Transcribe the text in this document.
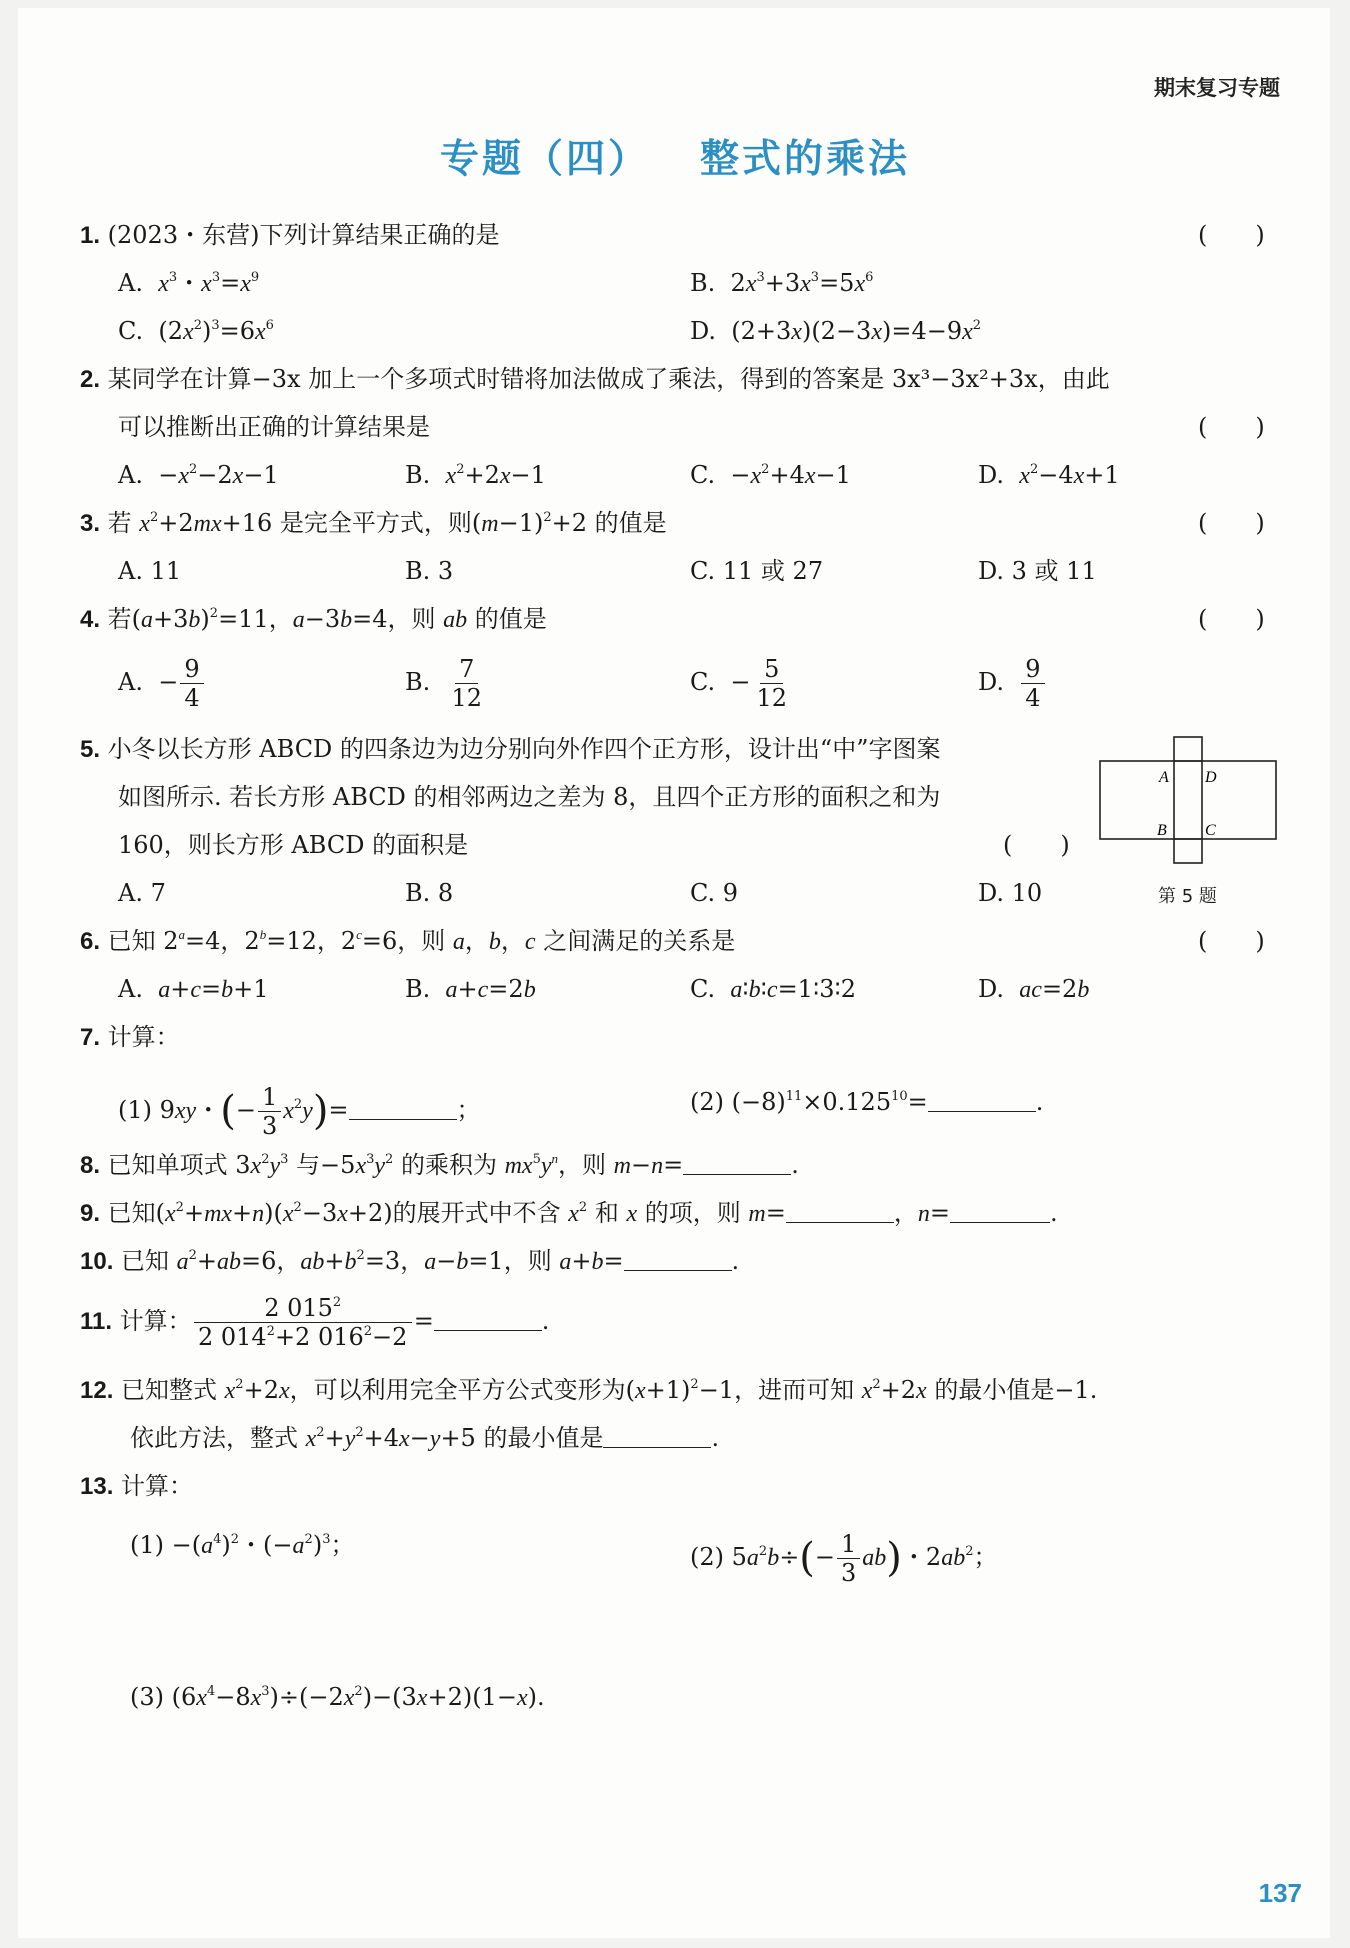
期末复习专题
专题（四） 整式的乘法
1. (2023・东营)下列计算结果正确的是	(　　)
A.  $x^3$・$x^3=x^9$	B.  $2x^3+3x^3=5x^6$
C.  $(2x^2)^3=6x^6$	D.  $(2+3x)(2-3x)=4-9x^2$
2. 某同学在计算−3x 加上一个多项式时错将加法做成了乘法，得到的答案是 3x³−3x²+3x，由此
可以推断出正确的计算结果是	(　　)
A.  $-x^2-2x-1$	B.  $x^2+2x-1$	C.  $-x^2+4x-1$	D.  $x^2-4x+1$
3. 若 $x^2+2mx+16$ 是完全平方式，则$(m-1)^2+2$ 的值是	(　　)
A. 11	B. 3	C. 11 或 27	D. 3 或 11
4. 若$(a+3b)^2=11$，a−3b=4，则 ab 的值是	(　　)
A.  − $\frac{9}{4}$	B. $\frac{7}{12}$	C.  − $\frac{5}{12}$	D. $\frac{9}{4}$
5. 小冬以长方形 ABCD 的四条边为边分别向外作四个正方形，设计出“中”字图案
如图所示. 若长方形 ABCD 的相邻两边之差为 8，且四个正方形的面积之和为
160，则长方形 ABCD 的面积是	(　　)
A. 7	B. 8	C. 9	D. 10
A D
B C
第 5 题
6. 已知 $2^a=4$，$2^b=12$，$2^c=6$，则 a，b，c 之间满足的关系是	(　　)
A.  a+c=b+1	B.  a+c=2b	C.  a∶b∶c=1∶3∶2	D.  ac=2b
7. 计算：
(1) 9xy・(− $\frac{1}{3} x^2y)=$	；	(2) $(-8)^{11}\times 0.125^{10}=$	.
8. 已知单项式 $3x^2y^3$ 与$-5x^3y^2$ 的乘积为 $mx^5y^n$，则 m−n=	.
9. 已知$(x^2+mx+n)(x^2-3x+2)$的展开式中不含 $x^2$ 和 x 的项，则 m=	，n=	.
10. 已知 $a^2+ab=6$，$ab+b^2=3$，a−b=1，则 a+b=	.
11. 计算： $\frac{2 015^2}{2 014^2+2 016^2-2}$ =	.
12. 已知整式 $x^2+2x$，可以利用完全平方公式变形为$(x+1)^2-1$，进而可知 $x^2+2x$ 的最小值是−1.
依此方法，整式 $x^2+y^2+4x-y+5$ 的最小值是	.
13. 计算：
$(1) -(a^4)^2$・$(-a^2)^3$；	(2) $5a^2b\div(- \frac{1}{3} ab)$・$2ab^2$；
(3) $(6x^4-8x^3)\div(-2x^2)-(3x+2)(1-x)$.
137
